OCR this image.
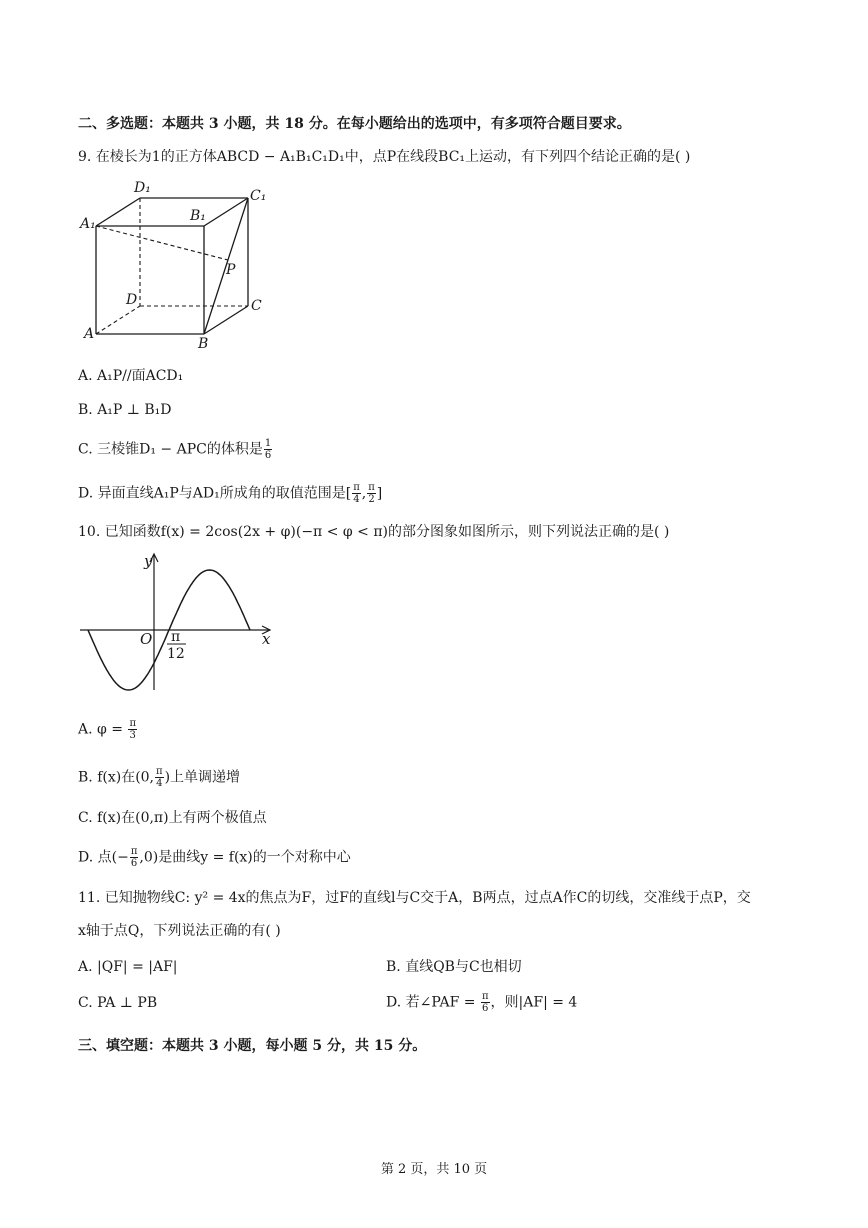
二、多选题：本题共 3 小题，共 18 分。在每小题给出的选项中，有多项符合题目要求。
9. 在棱长为1的正方体ABCD − A₁B₁C₁D₁中，点P在线段BC₁上运动，有下列四个结论正确的是( )
D₁	C₁
B₁
A₁
P
D	C
A
B
A. A₁P//面ACD₁
B. A₁P ⊥ B₁D
C. 三棱锥D₁ − APC的体积是 $\frac{1}{6}$
D. 异面直线A₁P与AD₁所成角的取值范围是[ $\frac{\pi}{4}$ , $\frac{\pi}{2}$ ]
10. 已知函数f(x) = 2cos(2x + φ)(−π < φ < π)的部分图象如图所示，则下列说法正确的是( )
y
x
O π
12
A. $\varphi = \frac{\pi}{3}$
B. f(x)在(0, $\frac{\pi}{4}$ )上单调递增
C. f(x)在(0,π)上有两个极值点
D. 点(− $\frac{\pi}{6} ,0$)是曲线y = f(x)的一个对称中心
11. 已知抛物线C: y² = 4x的焦点为F，过F的直线l与C交于A，B两点，过点A作C的切线，交准线于点P，交
x轴于点Q，下列说法正确的有( )
A. |QF| = |AF|	B. 直线QB与C也相切
C. PA ⊥ PB	D. 若∠PAF = $\frac{\pi}{6}$ ，则|AF| = 4
三、填空题：本题共 3 小题，每小题 5 分，共 15 分。
第 2 页，共 10 页
